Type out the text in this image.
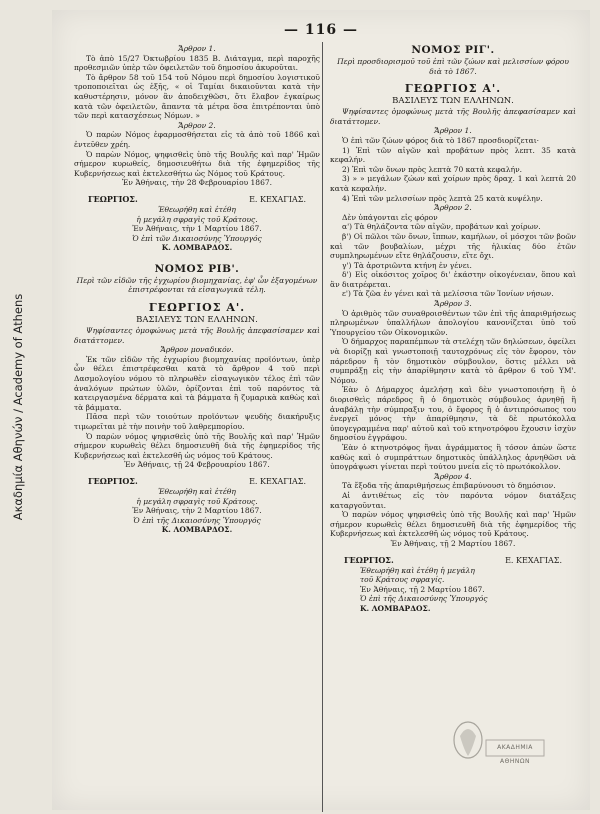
Ακαδημία Αθηνών / Academy of Athens
— 116 —
Ἄρθρον 1.

Τὸ ἀπὸ 15/27 Ὀκτωβρίου 1835 Β. Διάταγμα, περὶ παροχῆς προθεσμιῶν ὑπὲρ τῶν ὀφειλετῶν τοῦ δημοσίου ἀκυροῦται.

Τὸ ἄρθρον 58 τοῦ 154 τοῦ Νόμου περὶ δημοσίου λογιστικοῦ τροποποιεῖται ὡς ἑξῆς, « οἱ Ταμίαι δικαιοῦνται κατὰ τὴν καθυστέρησιν, μόνον ἂν ἀποδειχθῶσι, ὅτι ἔλαβον ἐγκαίρως κατὰ τῶν ὀφειλετῶν, ἅπαντα τὰ μέτρα ὅσα ἐπιτρέπονται ὑπὸ τῶν περὶ κατασχέσεως Νόμων. »

Ἄρθρον 2.

Ὁ παρὼν Νόμος ἐφαρμοσθήσεται εἰς τὰ ἀπὸ τοῦ 1866 καὶ ἐντεῦθεν χρέη.

Ὁ παρὼν Νόμος, ψηφισθεὶς ὑπὸ τῆς Βουλῆς καὶ παρ' Ἡμῶν σήμερον κυρωθείς, δημοσιευθήτω διὰ τῆς ἐφημερίδος τῆς Κυβερνήσεως καὶ ἐκτελεσθήτω ὡς Νόμος τοῦ Κράτους.

Ἐν Ἀθήναις, τὴν 28 Φεβρουαρίου 1867.
ΓΕΩΡΓΙΟΣ.	Ε. ΚΕΧΑΓΙΑΣ.
Ἐθεωρήθη καὶ ἐτέθη
ἡ μεγάλη σφραγὶς τοῦ Κράτους.
Ἐν Ἀθήναις, τὴν 1 Μαρτίου 1867.
Ὁ ἐπὶ τῶν Δικαιοσύνης Ὑπουργός
Κ. ΛΟΜΒΑΡΔΟΣ.
ΝΟΜΟΣ ΡΙΒ'.
Περὶ τῶν εἰδῶν τῆς ἐγχωρίου βιομηχανίας, ἐφ' ὧν ἐξαγομένων ἐπιστρέφονται τὰ εἰσαγωγικὰ τέλη.
ΓΕΩΡΓΙΟΣ Α'.
ΒΑΣΙΛΕΥΣ ΤΩΝ ΕΛΛΗΝΩΝ.

Ψηφίσαντες ὁμοφώνως μετὰ τῆς Βουλῆς ἀπεφασίσαμεν καὶ διατάττομεν.

Ἄρθρον μοναδικόν.

Ἐκ τῶν εἰδῶν τῆς ἐγχωρίου βιομηχανίας προϊόντων, ὑπὲρ ὧν θέλει ἐπιστρέφεσθαι κατὰ τὸ ἄρθρον 4 τοῦ περὶ Δασμολογίου νόμου τὸ πληρωθὲν εἰσαγωγικὸν τέλος ἐπὶ τῶν ἀναλόγων πρώτων ὑλῶν, ὁρίζονται ἐπὶ τοῦ παρόντος τὰ κατειργασμένα δέρματα καὶ τὰ βάμματα ἢ ζυμαρικὰ καθὼς καὶ τὰ βάμματα.

Πᾶσα περὶ τῶν τοιούτων προϊόντων ψευδὴς διακήρυξις τιμωρεῖται μὲ τὴν ποινὴν τοῦ λαθρεμπορίου.

Ὁ παρὼν νόμος ψηφισθεὶς ὑπὸ τῆς Βουλῆς καὶ παρ' Ἡμῶν σήμερον κυρωθεὶς θέλει δημοσιευθῆ διὰ τῆς ἐφημερίδος τῆς Κυβερνήσεως καὶ ἐκτελεσθῆ ὡς νόμος τοῦ Κράτους.

Ἐν Ἀθήναις, τῇ 24 Φεβρουαρίου 1867.
ΓΕΩΡΓΙΟΣ.	Ε. ΚΕΧΑΓΙΑΣ.
Ἐθεωρήθη καὶ ἐτέθη
ἡ μεγάλη σφραγὶς τοῦ Κράτους.
Ἐν Ἀθήναις, τὴν 2 Μαρτίου 1867.
Ὁ ἐπὶ τῆς Δικαιοσύνης Ὑπουργός
Κ. ΛΟΜΒΑΡΔΟΣ.
ΝΟΜΟΣ ΡΙΓ'.
Περὶ προσδιορισμοῦ τοῦ ἐπὶ τῶν ζώων καὶ μελισσίων φόρου διὰ τὸ 1867.
ΓΕΩΡΓΙΟΣ Α'.
ΒΑΣΙΛΕΥΣ ΤΩΝ ΕΛΛΗΝΩΝ.

Ψηφίσαντες ὁμοφώνως μετὰ τῆς Βουλῆς ἀπεφασίσαμεν καὶ διατάττομεν.

Ἄρθρον 1.

Ὁ ἐπὶ τῶν ζώων φόρος διὰ τὸ 1867 προσδιορίζεται·

1) Ἐπὶ τῶν αἰγῶν καὶ προβάτων πρὸς λεπτ. 35 κατὰ κεφαλήν.

2) Ἐπὶ τῶν ὄνων πρὸς λεπτὰ 70 κατὰ κεφαλήν.

3) » » μεγάλων ζώων καὶ χοίρων πρὸς δραχ. 1 καὶ λεπτὰ 20 κατὰ κεφαλήν.

4) Ἐπὶ τῶν μελισσίων πρὸς λεπτὰ 25 κατὰ κυψέλην.

Ἄρθρον 2.

Δὲν ὑπάγονται εἰς φόρον

α') Τὰ θηλάζοντα τῶν αἰγῶν, προβάτων καὶ χοίρων.

β') Οἱ πῶλοι τῶν ὄνων, ἵππων, καμήλων, οἱ μόσχοι τῶν βοῶν καὶ τῶν βουβαλίων, μέχρι τῆς ἡλικίας δύο ἐτῶν συμπληρωμένων εἴτε θηλάζουσιν, εἴτε ὄχι.

γ') Τὰ ἀροτριῶντα κτήνη ἐν γένει.

δ') Εἰς οἰκόσιτος χοῖρος δι' ἑκάστην οἰκογένειαν, ὅπου καὶ ἂν διατρέφεται.

ε') Τὰ ζῶα ἐν γένει καὶ τὰ μελίσσια τῶν Ἰονίων νήσων.

Ἄρθρον 3.

Ὁ ἀριθμὸς τῶν συναθροισθέντων τῶν ἐπὶ τῆς ἀπαριθμήσεως πληρωμένων ὑπαλλήλων ἀπολογίου κανονίζεται ὑπὸ τοῦ Ὑπουργείου τῶν Οἰκονομικῶν.

Ὁ δήμαρχος παραπέμπων τὰ στελέχη τῶν δηλώσεων, ὀφείλει νὰ διορίζῃ καὶ γνωστοποιῇ ταυτοχρόνως εἰς τὸν ἔφορον, τὸν πάρεδρον ἢ τὸν δημοτικὸν σύμβουλον, ὅστις μέλλει νὰ συμπράξῃ εἰς τὴν ἀπαρίθμησιν κατὰ τὸ ἄρθρον 6 τοῦ ΥΜ'. Νόμου.

Ἐὰν ὁ Δήμαρχος ἀμελήσῃ καὶ δὲν γνωστοποιήσῃ ἢ ὁ διορισθεὶς πάρεδρος ἢ ὁ δημοτικὸς σύμβουλος ἀρνηθῇ ἢ ἀναβάλῃ τὴν σύμπραξιν του, ὁ ἔφορος ἢ ὁ ἀντιπρόσωπος του ἐνεργεῖ μόνος τὴν ἀπαρίθμησιν, τὰ δὲ πρωτόκολλα ὑπογεγραμμένα παρ' αὐτοῦ καὶ τοῦ κτηνοτρόφου ἔχουσιν ἰσχὺν δημοσίου ἐγγράφου.

Ἐὰν ὁ κτηνοτρόφος ἢναι ἀγράμματος ἢ τόσον ἀπὼν ὥστε καθὼς καὶ ὁ συμπράττων δημοτικὸς ὑπάλληλος ἀρνηθῶσι νὰ ὑπογράψωσι γίνεται περὶ τούτου μνεία εἰς τὸ πρωτόκολλον.

Ἄρθρον 4.

Τὰ ἔξοδα τῆς ἀπαριθμήσεως ἐπιβαρύνουσι τὸ δημόσιον.

Αἱ ἀντιθέτως εἰς τὸν παρόντα νόμον διατάξεις καταργοῦνται.

Ὁ παρὼν νόμος ψηφισθεὶς ὑπὸ τῆς Βουλῆς καὶ παρ' Ἡμῶν σήμερον κυρωθεὶς θέλει δημοσιευθῆ διὰ τῆς ἐφημερίδος τῆς Κυβερνήσεως καὶ ἐκτελεσθῆ ὡς νόμος τοῦ Κράτους.

Ἐν Ἀθήναις, τῇ 2 Μαρτίου 1867.
ΓΕΩΡΓΙΟΣ.	Ε. ΚΕΧΑΓΙΑΣ.
Ἐθεωρήθη καὶ ἐτέθη ἡ μεγάλη
τοῦ Κράτους σφραγίς.
Ἐν Ἀθήναις, τῇ 2 Μαρτίου 1867.
Ὁ ἐπὶ τῆς Δικαιοσύνης Ὑπουργός
Κ. ΛΟΜΒΑΡΔΟΣ.
ΑΚΑΔΗΜΙΑ ΑΘΗΝΩΝ
